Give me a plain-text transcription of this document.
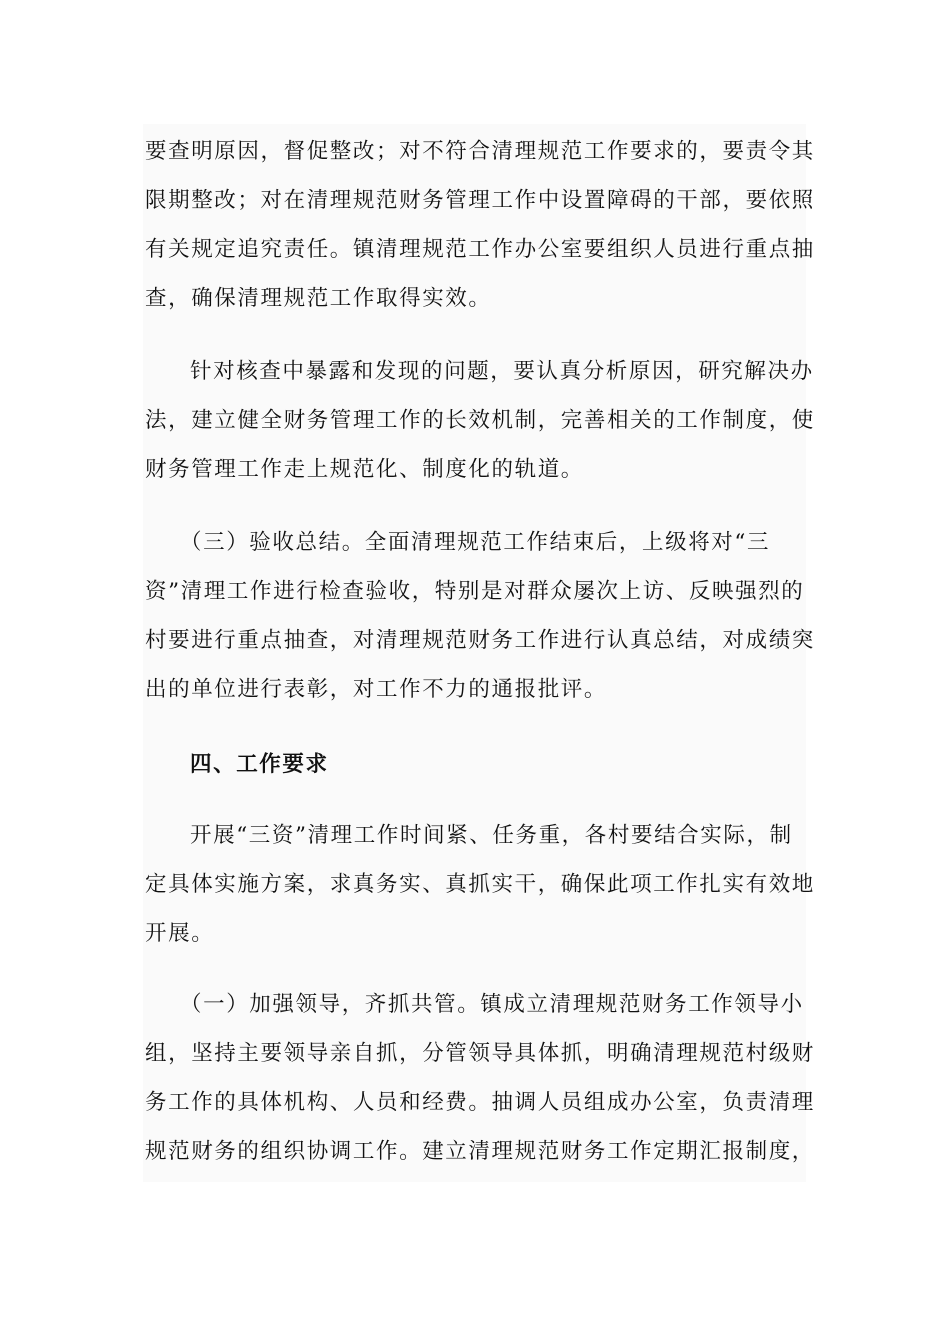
要查明原因，督促整改；对不符合清理规范工作要求的，要责令其
限期整改；对在清理规范财务管理工作中设置障碍的干部，要依照
有关规定追究责任。镇清理规范工作办公室要组织人员进行重点抽
查，确保清理规范工作取得实效。
针对核查中暴露和发现的问题，要认真分析原因，研究解决办
法，建立健全财务管理工作的长效机制，完善相关的工作制度，使
财务管理工作走上规范化、制度化的轨道。
（三）验收总结。全面清理规范工作结束后，上级将对“三
资”清理工作进行检查验收，特别是对群众屡次上访、反映强烈的
村要进行重点抽查，对清理规范财务工作进行认真总结，对成绩突
出的单位进行表彰，对工作不力的通报批评。
四、工作要求
开展“三资”清理工作时间紧、任务重，各村要结合实际，制
定具体实施方案，求真务实、真抓实干，确保此项工作扎实有效地
开展。
（一）加强领导，齐抓共管。镇成立清理规范财务工作领导小
组，坚持主要领导亲自抓，分管领导具体抓，明确清理规范村级财
务工作的具体机构、人员和经费。抽调人员组成办公室，负责清理
规范财务的组织协调工作。建立清理规范财务工作定期汇报制度，
